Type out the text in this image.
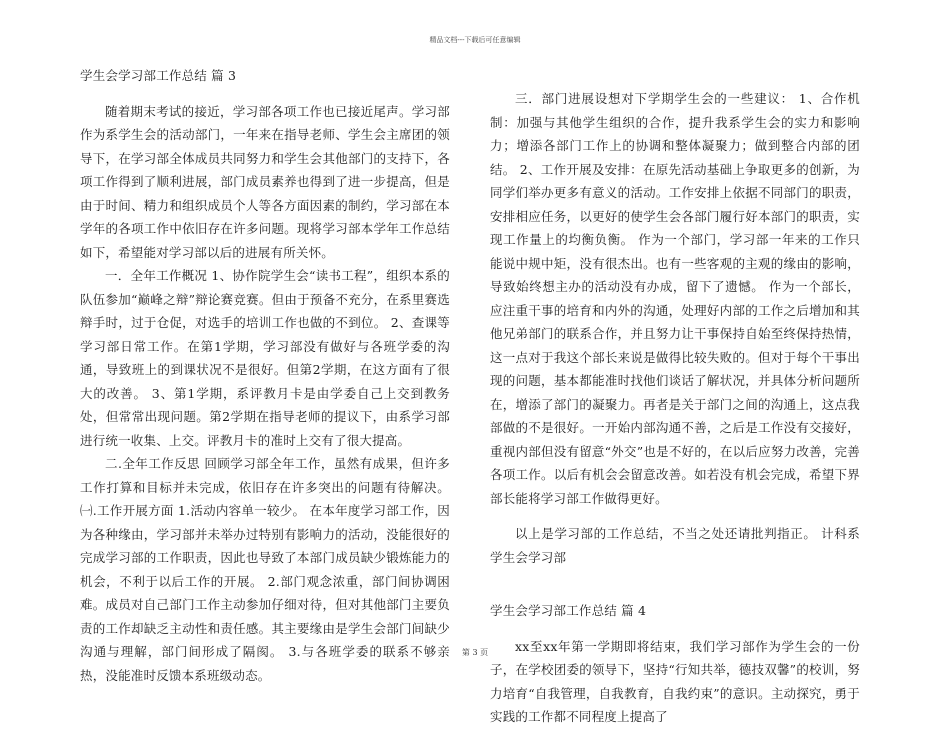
精品文档---下载后可任意编辑

学生会学习部工作总结 篇 3

随着期末考试的接近，学习部各项工作也已接近尾声。学习部作为系学生会的活动部门，一年来在指导老师、学生会主席团的领导下，在学习部全体成员共同努力和学生会其他部门的支持下，各项工作得到了顺利进展，部门成员素养也得到了进一步提高，但是由于时间、精力和组织成员个人等各方面因素的制约，学习部在本学年的各项工作中依旧存在许多问题。现将学习部本学年工作总结如下，希望能对学习部以后的进展有所关怀。

一．全年工作概况 1、协作院学生会“读书工程”，组织本系的队伍参加“巅峰之辩”辩论赛竞赛。但由于预备不充分，在系里赛选辩手时，过于仓促，对选手的培训工作也做的不到位。 2、查课等学习部日常工作。在第1学期，学习部没有做好与各班学委的沟通，导致班上的到课状况不是很好。但第2学期，在这方面有了很大的改善。 3、第1学期，系评教月卡是由学委自己上交到教务处，但常常出现问题。第2学期在指导老师的提议下，由系学习部进行统一收集、上交。评教月卡的准时上交有了很大提高。

二.全年工作反思 回顾学习部全年工作，虽然有成果，但许多工作打算和目标并未完成，依旧存在许多突出的问题有待解决。 ㈠.工作开展方面 1.活动内容单一较少。 在本年度学习部工作，因为各种缘由，学习部并未举办过特别有影响力的活动，没能很好的完成学习部的工作职责，因此也导致了本部门成员缺少锻炼能力的机会，不利于以后工作的开展。 2.部门观念浓重，部门间协调困难。成员对自己部门工作主动参加仔细对待，但对其他部门主要负责的工作却缺乏主动性和责任感。其主要缘由是学生会部门间缺少沟通与理解，部门间形成了隔阂。 3.与各班学委的联系不够亲热，没能准时反馈本系班级动态。

三．部门进展设想对下学期学生会的一些建议： 1、合作机制：加强与其他学生组织的合作，提升我系学生会的实力和影响力；增添各部门工作上的协调和整体凝聚力；做到整合内部的团结。 2、工作开展及安排：在原先活动基础上争取更多的创新，为同学们举办更多有意义的活动。工作安排上依据不同部门的职责，安排相应任务，以更好的使学生会各部门履行好本部门的职责，实现工作量上的均衡负衡。 作为一个部门，学习部一年来的工作只能说中规中矩，没有很杰出。也有一些客观的主观的缘由的影响，导致始终想主办的活动没有办成，留下了遗憾。 作为一个部长，应注重干事的培育和内外的沟通，处理好内部的工作之后增加和其他兄弟部门的联系合作，并且努力让干事保持自始至终保持热情，这一点对于我这个部长来说是做得比较失败的。但对于每个干事出现的问题，基本都能准时找他们谈话了解状况，并具体分析问题所在，增添了部门的凝聚力。再者是关于部门之间的沟通上，这点我部做的不是很好。一开始内部沟通不善，之后是工作没有交接好，重视内部但没有留意“外交”也是不好的，在以后应努力改善，完善各项工作。以后有机会会留意改善。如若没有机会完成，希望下界部长能将学习部工作做得更好。

以上是学习部的工作总结，不当之处还请批判指正。 计科系学生会学习部

学生会学习部工作总结 篇 4

xx至xx年第一学期即将结束，我们学习部作为学生会的一份子，在学校团委的领导下，坚持“行知共举，德技双馨”的校训，努力培育“自我管理，自我教育，自我约束”的意识。主动探究，勇于实践的工作都不同程度上提高了

第 3 页
